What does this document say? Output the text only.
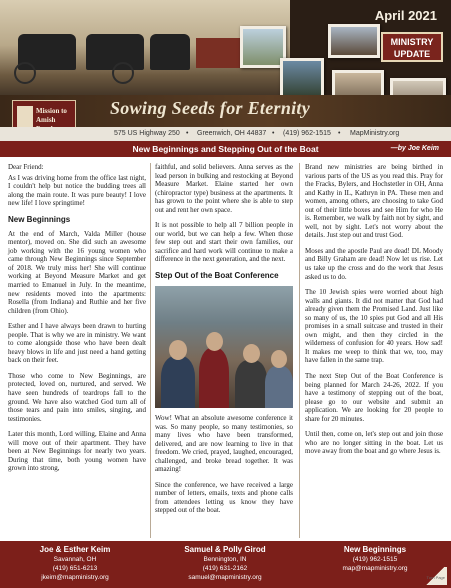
April 2021
MINISTRY
UPDATE
Mission to Amish
Sowing Seeds for Eternity
575 US Highway 250 • Greenwich, OH 44837 • (419) 962-1515 • MapMinistry.org
New Beginnings and Stepping Out of the Boat	—by Joe Keim

Dear Friend:

As I was driving home from the office last night, I couldn't help but notice the budding trees all along the main route. It was pure beauty! I love new life! I love springtime!

New Beginnings

At the end of March, Valda Miller (house mentor), moved on. She did such an awesome job working with the 16 young women who came through New Beginnings since September of 2018. We truly miss her! She will continue working at Beyond Measure Market and get married to Emanuel in July. In the meantime, new residents moved into the apartments: Rosella (from Indiana) and Ruthie and her five children (from Ohio).

Esther and I have always been drawn to hurting people. That is why we are in ministry. We want to come alongside those who have been dealt heavy blows in life and just need a hand getting back on their feet.

Those who come to New Beginnings, are protected, loved on, nurtured, and served. We have seen hundreds of teardrops fall to the ground. We have also watched God turn all of those tears and pain into smiles, singing, and testimonies.

Later this month, Lord willing, Elaine and Anna will move out of their apartment. They have been at New Beginnings for nearly two years. During that time, both young women have grown into strong,

faithful, and solid believers. Anna serves as the lead person in bulking and restocking at Beyond Measure Market. Elaine started her own (chiropractor type) business at the apartments. It has grown to the point where she is able to step out and rent her own space.

It is not possible to help all 7 billion people in our world, but we can help a few. When those few step out and start their own families, our sacrifice and hard work will continue to make a difference in the next generation, and the next.

Step Out of the Boat Conference

Wow! What an absolute awesome conference it was. So many people, so many testimonies, so many lives who have been transformed, delivered, and are now learning to live in that freedom. We cried, prayed, laughed, encouraged, challenged, and broke bread together. It was amazing!

Since the conference, we have received a large number of letters, emails, texts and phone calls from attendees letting us know they have stepped out of the boat.

Brand new ministries are being birthed in various parts of the US as you read this. Pray for the Fracks, Bylers, and Hochstetler in OH, Anna and Kathy in IL, Kathryn in PA. These men and women, among others, are choosing to take God out of their little boxes and see Him for who He is. Remember, we walk by faith not by sight, and well, not by sight. Let's not worry about the details. Just step out and trust God.

Moses and the apostle Paul are dead! DL Moody and Billy Graham are dead! Now let us rise. Let us take up the cross and do the work that Jesus asked us to do.

The 10 Jewish spies were worried about high walls and giants. It did not matter that God had already given them the Promised Land. Just like so many of us, the 10 spies put God and all His promises in a small suitcase and trusted in their own might, and then they circled in the wilderness of confusion for 40 years. How sad! It makes me weep to think that we, too, may have fallen in the same trap.

The next Step Out of the Boat Conference is being planned for March 24-26, 2022. If you have a testimony of stepping out of the boat, please go to our website and submit an application. We are looking for 20 people to share for 20 minutes.

Until then, come on, let's step out and join those who are no longer sitting in the boat. Let us move away from the boat and go where Jesus is.

Joe & Esther Keim
Savannah, OH
(419) 651-6213
jkeim@mapministry.org
Samuel & Polly Girod
Bennington, IN
(419) 631-2162
samuel@mapministry.org
New Beginnings
(419) 962-1515
map@mapministry.org
Turn Page
